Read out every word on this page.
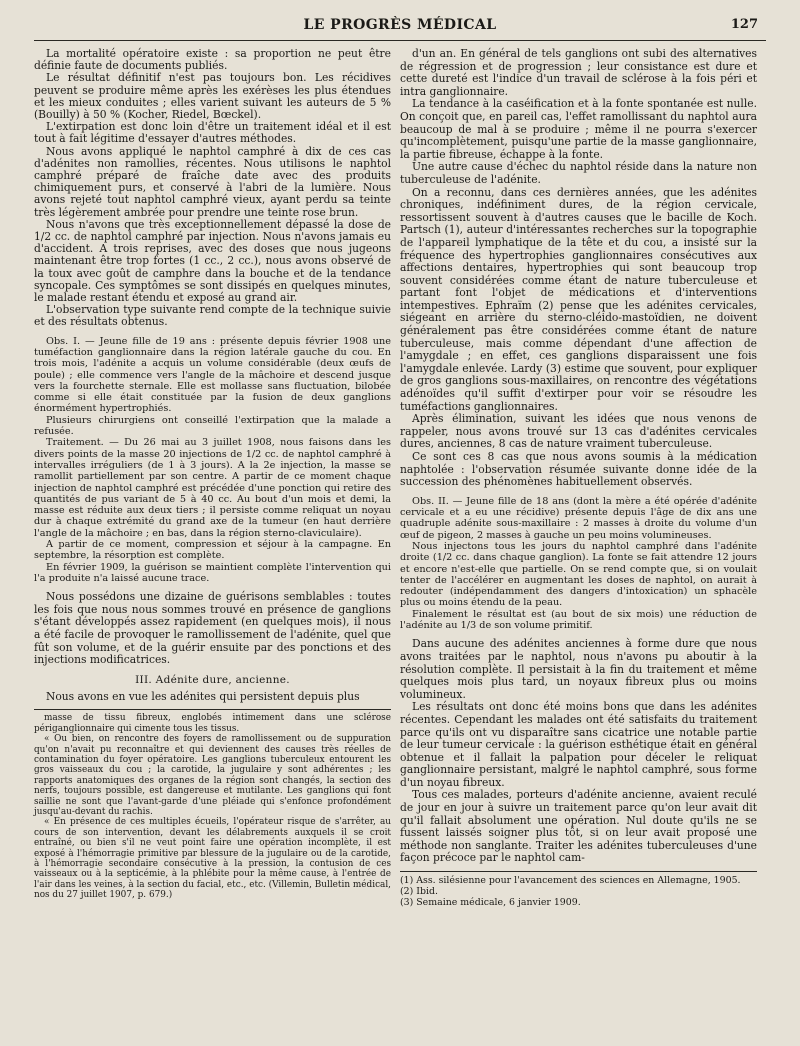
LE PROGRÈS MÉDICAL	127

La mortalité opératoire existe : sa proportion ne peut être définie faute de documents publiés.

Le résultat définitif n'est pas toujours bon. Les récidives peuvent se produire même après les exérèses les plus étendues et les mieux conduites ; elles varient suivant les auteurs de 5 % (Bouilly) à 50 % (Kocher, Riedel, Bœckel).

L'extirpation est donc loin d'être un traitement idéal et il est tout à fait légitime d'essayer d'autres méthodes.

Nous avons appliqué le naphtol camphré à dix de ces cas d'adénites non ramollies, récentes. Nous utilisons le naphtol camphré préparé de fraîche date avec des produits chimiquement purs, et conservé à l'abri de la lumière. Nous avons rejeté tout naphtol camphré vieux, ayant perdu sa teinte très légèrement ambrée pour prendre une teinte rose brun.

Nous n'avons que très exceptionnellement dépassé la dose de 1/2 cc. de naphtol camphré par injection. Nous n'avons jamais eu d'accident. A trois reprises, avec des doses que nous jugeons maintenant être trop fortes (1 cc., 2 cc.), nous avons observé de la toux avec goût de camphre dans la bouche et de la tendance syncopale. Ces symptômes se sont dissipés en quelques minutes, le malade restant étendu et exposé au grand air.

L'observation type suivante rend compte de la technique suivie et des résultats obtenus.

Obs. I. — Jeune fille de 19 ans : présente depuis février 1908 une tuméfaction ganglionnaire dans la région latérale gauche du cou. En trois mois, l'adénite a acquis un volume considérable (deux œufs de poule) ; elle commence vers l'angle de la mâchoire et descend jusque vers la fourchette sternale. Elle est mollasse sans fluctuation, bilobée comme si elle était constituée par la fusion de deux ganglions énormément hypertrophiés.

Plusieurs chirurgiens ont conseillé l'extirpation que la malade a refusée.

Traitement. — Du 26 mai au 3 juillet 1908, nous faisons dans les divers points de la masse 20 injections de 1/2 cc. de naphtol camphré à intervalles irréguliers (de 1 à 3 jours). A la 2e injection, la masse se ramollit partiellement par son centre. A partir de ce moment chaque injection de naphtol camphré est précédée d'une ponction qui retire des quantités de pus variant de 5 à 40 cc. Au bout d'un mois et demi, la masse est réduite aux deux tiers ; il persiste comme reliquat un noyau dur à chaque extrémité du grand axe de la tumeur (en haut derrière l'angle de la mâchoire ; en bas, dans la région sterno-claviculaire).

A partir de ce moment, compression et séjour à la campagne. En septembre, la résorption est complète.

En février 1909, la guérison se maintient complète l'intervention qui l'a produite n'a laissé aucune trace.

Nous possédons une dizaine de guérisons semblables : toutes les fois que nous nous sommes trouvé en présence de ganglions s'étant développés assez rapidement (en quelques mois), il nous a été facile de provoquer le ramollissement de l'adénite, quel que fût son volume, et de la guérir ensuite par des ponctions et des injections modificatrices.

III. Adénite dure, ancienne.

Nous avons en vue les adénites qui persistent depuis plus

masse de tissu fibreux, englobés intimement dans une sclérose périganglionnaire qui cimente tous les tissus.

« Ou bien, on rencontre des foyers de ramollissement ou de suppuration qu'on n'avait pu reconnaître et qui deviennent des causes très réelles de contamination du foyer opératoire. Les ganglions tuberculeux entourent les gros vaisseaux du cou ; la carotide, la jugulaire y sont adhérentes ; les rapports anatomiques des organes de la région sont changés, la section des nerfs, toujours possible, est dangereuse et mutilante. Les ganglions qui font saillie ne sont que l'avant-garde d'une pléiade qui s'enfonce profondément jusqu'au-devant du rachis.

« En présence de ces multiples écueils, l'opérateur risque de s'arrêter, au cours de son intervention, devant les délabrements auxquels il se croit entraîné, ou bien s'il ne veut point faire une opération incomplète, il est exposé à l'hémorragie primitive par blessure de la jugulaire ou de la carotide, à l'hémorragie secondaire consécutive à la pression, la contusion de ces vaisseaux ou à la septicémie, à la phlébite pour la même cause, à l'entrée de l'air dans les veines, à la section du facial, etc., etc. (Villemin, Bulletin médical, nos du 27 juillet 1907, p. 679.)

d'un an. En général de tels ganglions ont subi des alternatives de régression et de progression ; leur consistance est dure et cette dureté est l'indice d'un travail de sclérose à la fois péri et intra ganglionnaire.

La tendance à la caséification et à la fonte spontanée est nulle. On conçoit que, en pareil cas, l'effet ramollissant du naphtol aura beaucoup de mal à se produire ; même il ne pourra s'exercer qu'incomplètement, puisqu'une partie de la masse ganglionnaire, la partie fibreuse, échappe à la fonte.

Une autre cause d'échec du naphtol réside dans la nature non tuberculeuse de l'adénite.

On a reconnu, dans ces dernières années, que les adénites chroniques, indéfiniment dures, de la région cervicale, ressortissent souvent à d'autres causes que le bacille de Koch. Partsch (1), auteur d'intéressantes recherches sur la topographie de l'appareil lymphatique de la tête et du cou, a insisté sur la fréquence des hypertrophies ganglionnaires consécutives aux affections dentaires, hypertrophies qui sont beaucoup trop souvent considérées comme étant de nature tuberculeuse et partant font l'objet de médications et d'interventions intempestives. Ephraïm (2) pense que les adénites cervicales, siégeant en arrière du sterno-cléido-mastoïdien, ne doivent généralement pas être considérées comme étant de nature tuberculeuse, mais comme dépendant d'une affection de l'amygdale ; en effet, ces ganglions disparaissent une fois l'amygdale enlevée. Lardy (3) estime que souvent, pour expliquer de gros ganglions sous-maxillaires, on rencontre des végétations adénoïdes qu'il suffit d'extirper pour voir se résoudre les tuméfactions ganglionnaires.

Après élimination, suivant les idées que nous venons de rappeler, nous avons trouvé sur 13 cas d'adénites cervicales dures, anciennes, 8 cas de nature vraiment tuberculeuse.

Ce sont ces 8 cas que nous avons soumis à la médication naphtolée : l'observation résumée suivante donne idée de la succession des phénomènes habituellement observés.

Obs. II. — Jeune fille de 18 ans (dont la mère a été opérée d'adénite cervicale et a eu une récidive) présente depuis l'âge de dix ans une quadruple adénite sous-maxillaire : 2 masses à droite du volume d'un œuf de pigeon, 2 masses à gauche un peu moins volumineuses.

Nous injectons tous les jours du naphtol camphré dans l'adénite droite (1/2 cc. dans chaque ganglion). La fonte se fait attendre 12 jours et encore n'est-elle que partielle. On se rend compte que, si on voulait tenter de l'accélérer en augmentant les doses de naphtol, on aurait à redouter (indépendamment des dangers d'intoxication) un sphacèle plus ou moins étendu de la peau.

Finalement le résultat est (au bout de six mois) une réduction de l'adénite au 1/3 de son volume primitif.

Dans aucune des adénites anciennes à forme dure que nous avons traitées par le naphtol, nous n'avons pu aboutir à la résolution complète. Il persistait à la fin du traitement et même quelques mois plus tard, un noyaux fibreux plus ou moins volumineux.

Les résultats ont donc été moins bons que dans les adénites récentes. Cependant les malades ont été satisfaits du traitement parce qu'ils ont vu disparaître sans cicatrice une notable partie de leur tumeur cervicale : la guérison esthétique était en général obtenue et il fallait la palpation pour déceler le reliquat ganglionnaire persistant, malgré le naphtol camphré, sous forme d'un noyau fibreux.

Tous ces malades, porteurs d'adénite ancienne, avaient reculé de jour en jour à suivre un traitement parce qu'on leur avait dit qu'il fallait absolument une opération. Nul doute qu'ils ne se fussent laissés soigner plus tôt, si on leur avait proposé une méthode non sanglante. Traiter les adénites tuberculeuses d'une façon précoce par le naphtol cam-

(1) Ass. silésienne pour l'avancement des sciences en Allemagne, 1905.

(2) Ibid.

(3) Semaine médicale, 6 janvier 1909.
